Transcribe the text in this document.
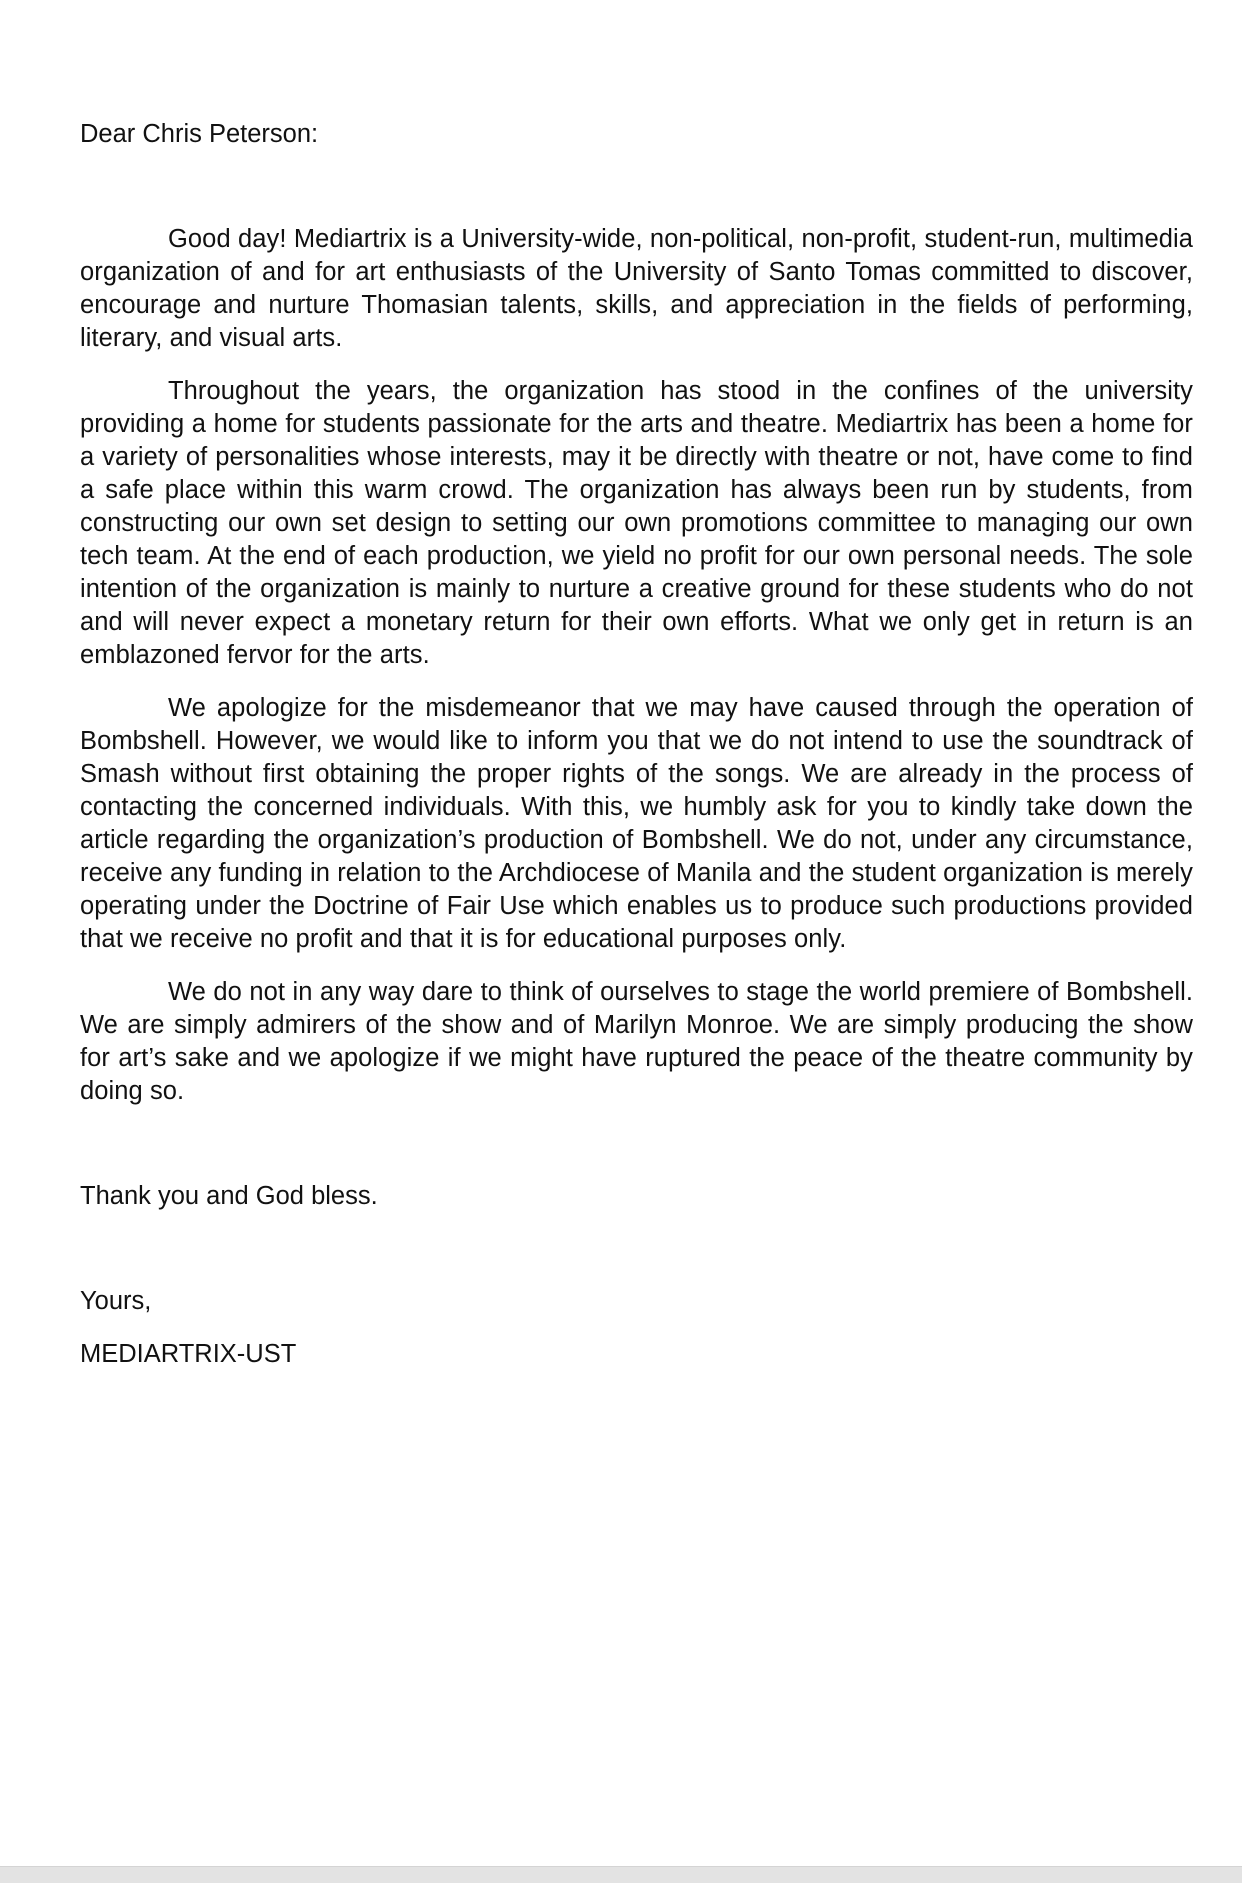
Dear Chris Peterson:

Good day! Mediartrix is a University-wide, non-political, non-profit, student-run, multimedia organization of and for art enthusiasts of the University of Santo Tomas committed to discover, encourage and nurture Thomasian talents, skills, and appreciation in the fields of performing, literary, and visual arts.

Throughout the years, the organization has stood in the confines of the university providing a home for students passionate for the arts and theatre. Mediartrix has been a home for a variety of personalities whose interests, may it be directly with theatre or not, have come to find a safe place within this warm crowd. The organization has always been run by students, from constructing our own set design to setting our own promotions committee to managing our own tech team. At the end of each production, we yield no profit for our own personal needs. The sole intention of the organization is mainly to nurture a creative ground for these students who do not and will never expect a monetary return for their own efforts. What we only get in return is an emblazoned fervor for the arts.

We apologize for the misdemeanor that we may have caused through the operation of Bombshell. However, we would like to inform you that we do not intend to use the soundtrack of Smash without first obtaining the proper rights of the songs. We are already in the process of contacting the concerned individuals. With this, we humbly ask for you to kindly take down the article regarding the organization’s production of Bombshell. We do not, under any circumstance, receive any funding in relation to the Archdiocese of Manila and the student organization is merely operating under the Doctrine of Fair Use which enables us to produce such productions provided that we receive no profit and that it is for educational purposes only.

We do not in any way dare to think of ourselves to stage the world premiere of Bombshell. We are simply admirers of the show and of Marilyn Monroe. We are simply producing the show for art’s sake and we apologize if we might have ruptured the peace of the theatre community by doing so.

Thank you and God bless.

Yours,

MEDIARTRIX-UST
